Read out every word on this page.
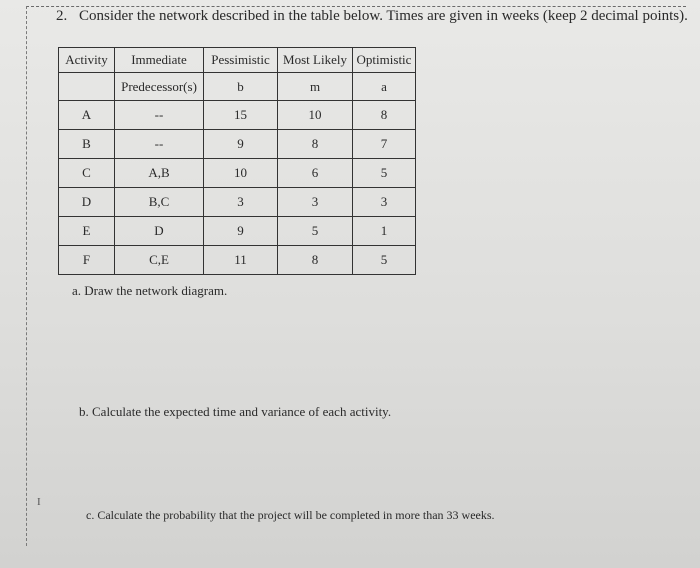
2. Consider the network described in the table below. Times are given in weeks (keep 2 decimal points).
Activity	Immediate	Pessimistic	Most Likely	Optimistic
	Predecessor(s)	b	m	a
A	--	15	10	8
B	--	9	8	7
C	A,B	10	6	5
D	B,C	3	3	3
E	D	9	5	1
F	C,E	11	8	5
a. Draw the network diagram.
b. Calculate the expected time and variance of each activity.
c. Calculate the probability that the project will be completed in more than 33 weeks.
I
